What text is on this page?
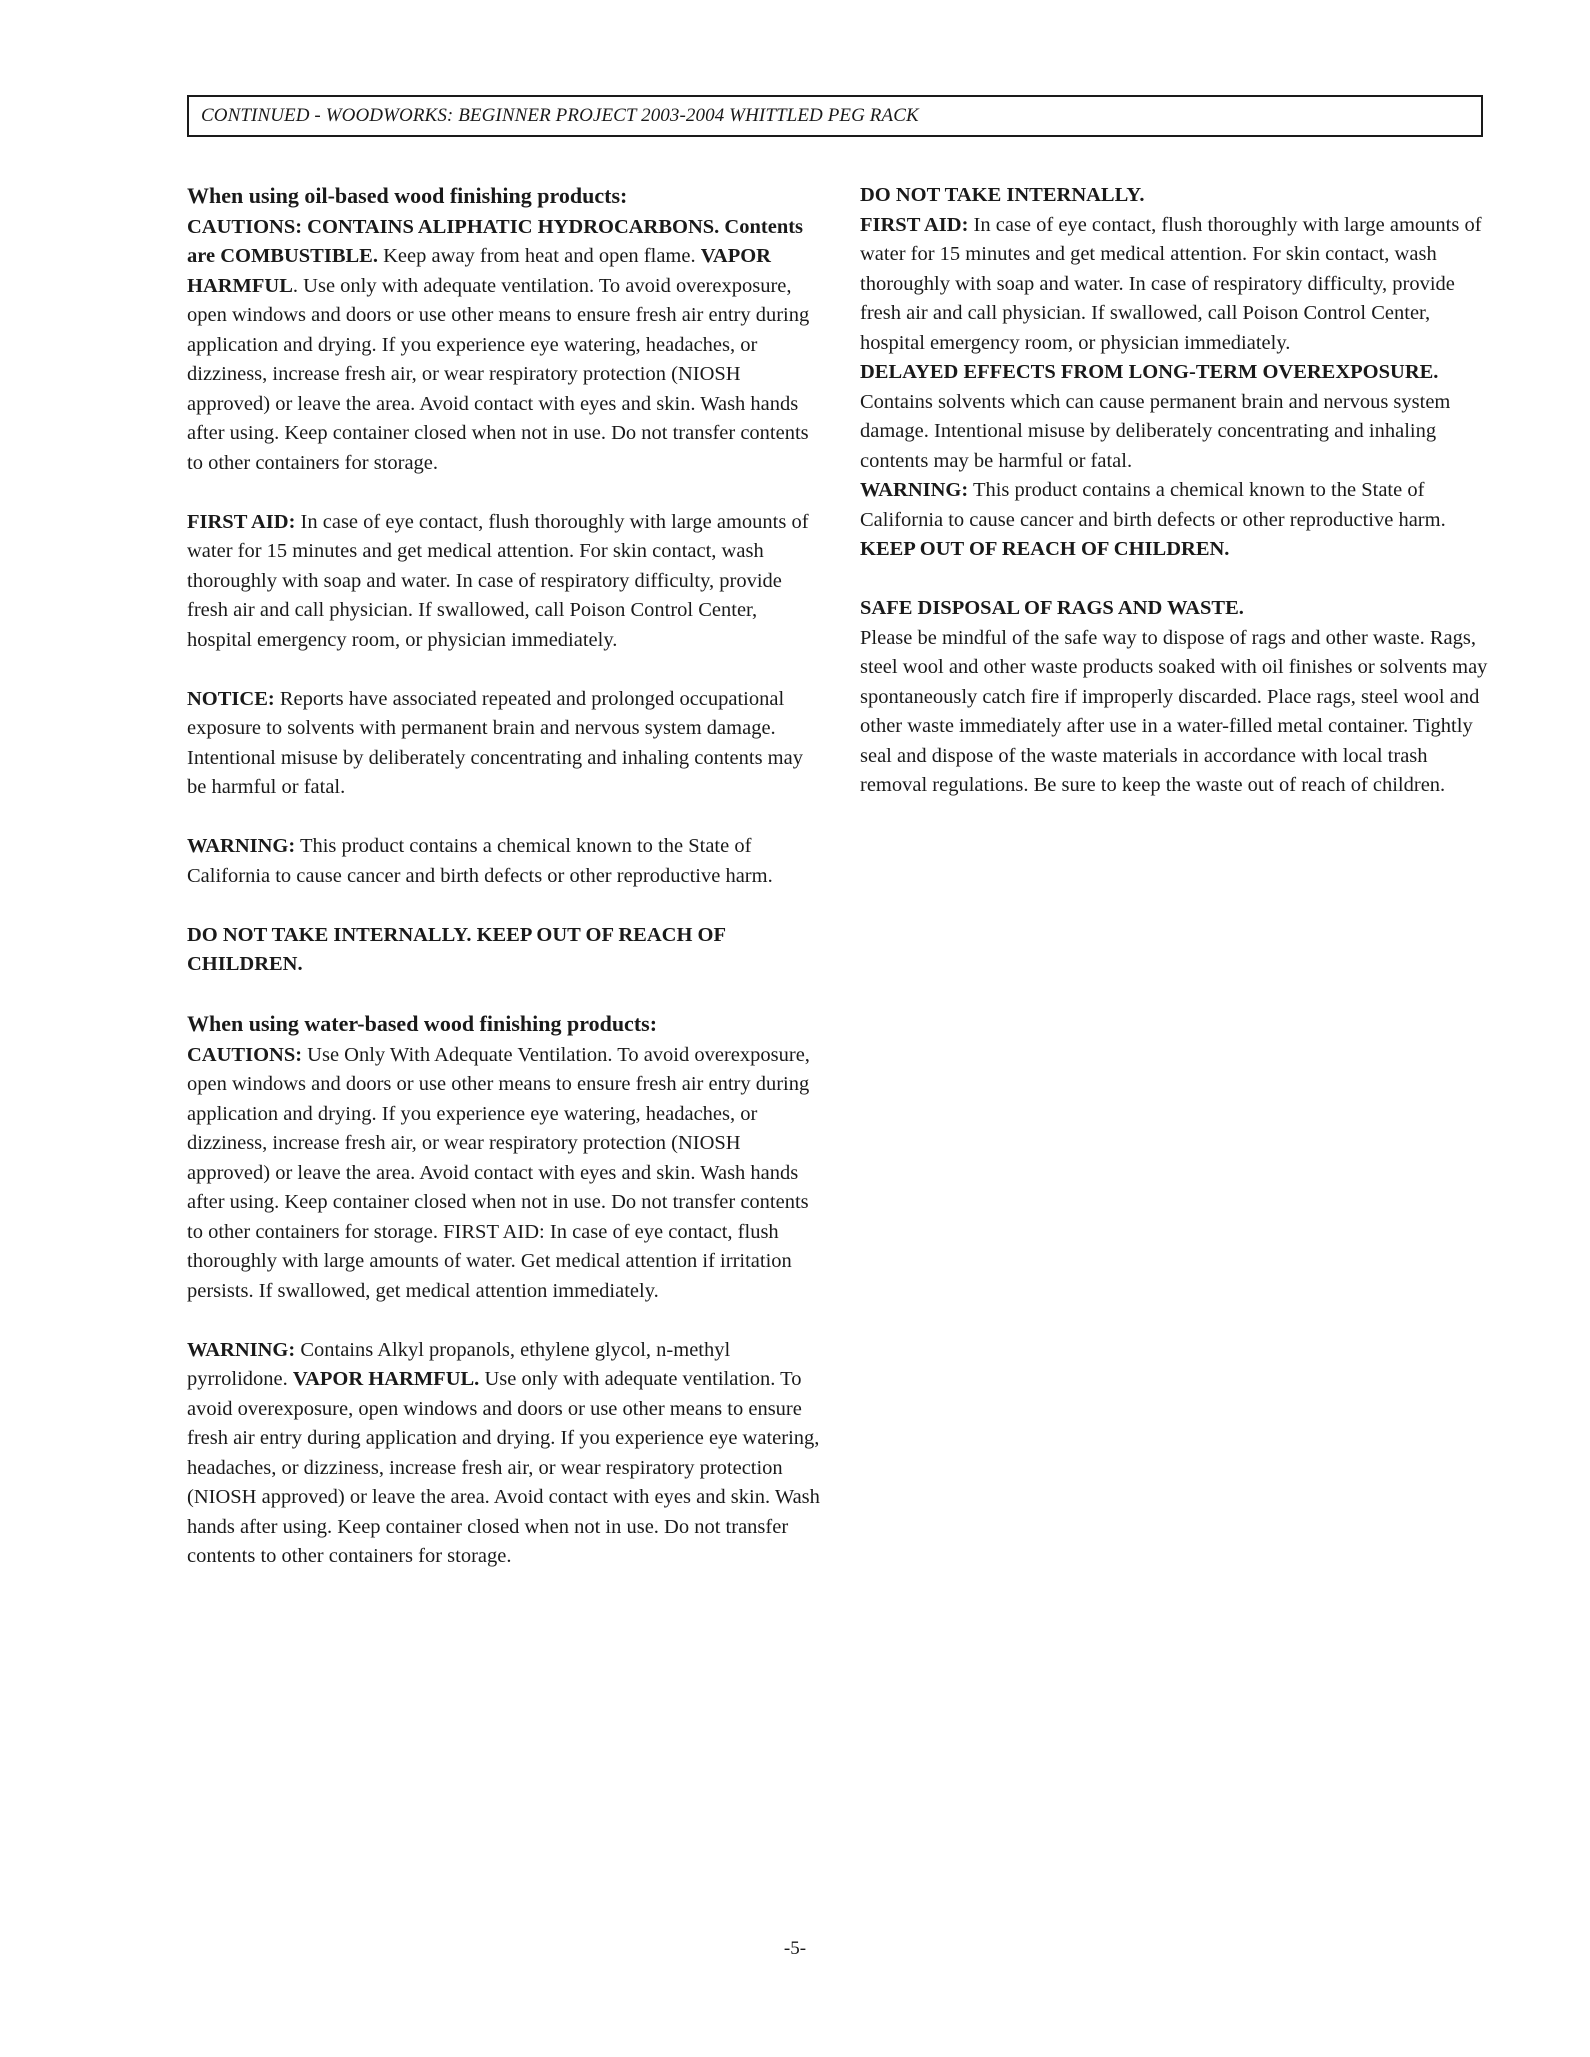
CONTINUED - WOODWORKS: BEGINNER PROJECT 2003-2004 WHITTLED PEG RACK

When using oil-based wood finishing products:
CAUTIONS: CONTAINS ALIPHATIC HYDROCARBONS. Contents are COMBUSTIBLE. Keep away from heat and open flame. VAPOR HARMFUL. Use only with adequate ventilation. To avoid overexposure, open windows and doors or use other means to ensure fresh air entry during application and drying. If you experience eye watering, headaches, or dizziness, increase fresh air, or wear respiratory protection (NIOSH approved) or leave the area. Avoid contact with eyes and skin. Wash hands after using. Keep container closed when not in use. Do not transfer contents to other containers for storage.

FIRST AID: In case of eye contact, flush thoroughly with large amounts of water for 15 minutes and get medical attention. For skin contact, wash thoroughly with soap and water. In case of respiratory difficulty, provide fresh air and call physician. If swallowed, call Poison Control Center, hospital emergency room, or physician immediately.

NOTICE: Reports have associated repeated and prolonged occupational exposure to solvents with permanent brain and nervous system damage. Intentional misuse by deliberately concentrating and inhaling contents may be harmful or fatal.

WARNING: This product contains a chemical known to the State of California to cause cancer and birth defects or other reproductive harm.

DO NOT TAKE INTERNALLY. KEEP OUT OF REACH OF CHILDREN.

When using water-based wood finishing products:
CAUTIONS: Use Only With Adequate Ventilation. To avoid overexposure, open windows and doors or use other means to ensure fresh air entry during application and drying. If you experience eye watering, headaches, or dizziness, increase fresh air, or wear respiratory protection (NIOSH approved) or leave the area. Avoid contact with eyes and skin. Wash hands after using. Keep container closed when not in use. Do not transfer contents to other containers for storage. FIRST AID: In case of eye contact, flush thoroughly with large amounts of water. Get medical attention if irritation persists. If swallowed, get medical attention immediately.

WARNING: Contains Alkyl propanols, ethylene glycol, n-methyl pyrrolidone. VAPOR HARMFUL. Use only with adequate ventilation. To avoid overexposure, open windows and doors or use other means to ensure fresh air entry during application and drying. If you experience eye watering, headaches, or dizziness, increase fresh air, or wear respiratory protection (NIOSH approved) or leave the area. Avoid contact with eyes and skin. Wash hands after using. Keep container closed when not in use. Do not transfer contents to other containers for storage.

DO NOT TAKE INTERNALLY.
FIRST AID: In case of eye contact, flush thoroughly with large amounts of water for 15 minutes and get medical attention. For skin contact, wash thoroughly with soap and water. In case of respiratory difficulty, provide fresh air and call physician. If swallowed, call Poison Control Center, hospital emergency room, or physician immediately.
DELAYED EFFECTS FROM LONG-TERM OVEREXPOSURE.
Contains solvents which can cause permanent brain and nervous system damage. Intentional misuse by deliberately concentrating and inhaling contents may be harmful or fatal.
WARNING: This product contains a chemical known to the State of California to cause cancer and birth defects or other reproductive harm.
KEEP OUT OF REACH OF CHILDREN.

SAFE DISPOSAL OF RAGS AND WASTE.
Please be mindful of the safe way to dispose of rags and other waste. Rags, steel wool and other waste products soaked with oil finishes or solvents may spontaneously catch fire if improperly discarded. Place rags, steel wool and other waste immediately after use in a water-filled metal container. Tightly seal and dispose of the waste materials in accordance with local trash removal regulations. Be sure to keep the waste out of reach of children.

-5-
